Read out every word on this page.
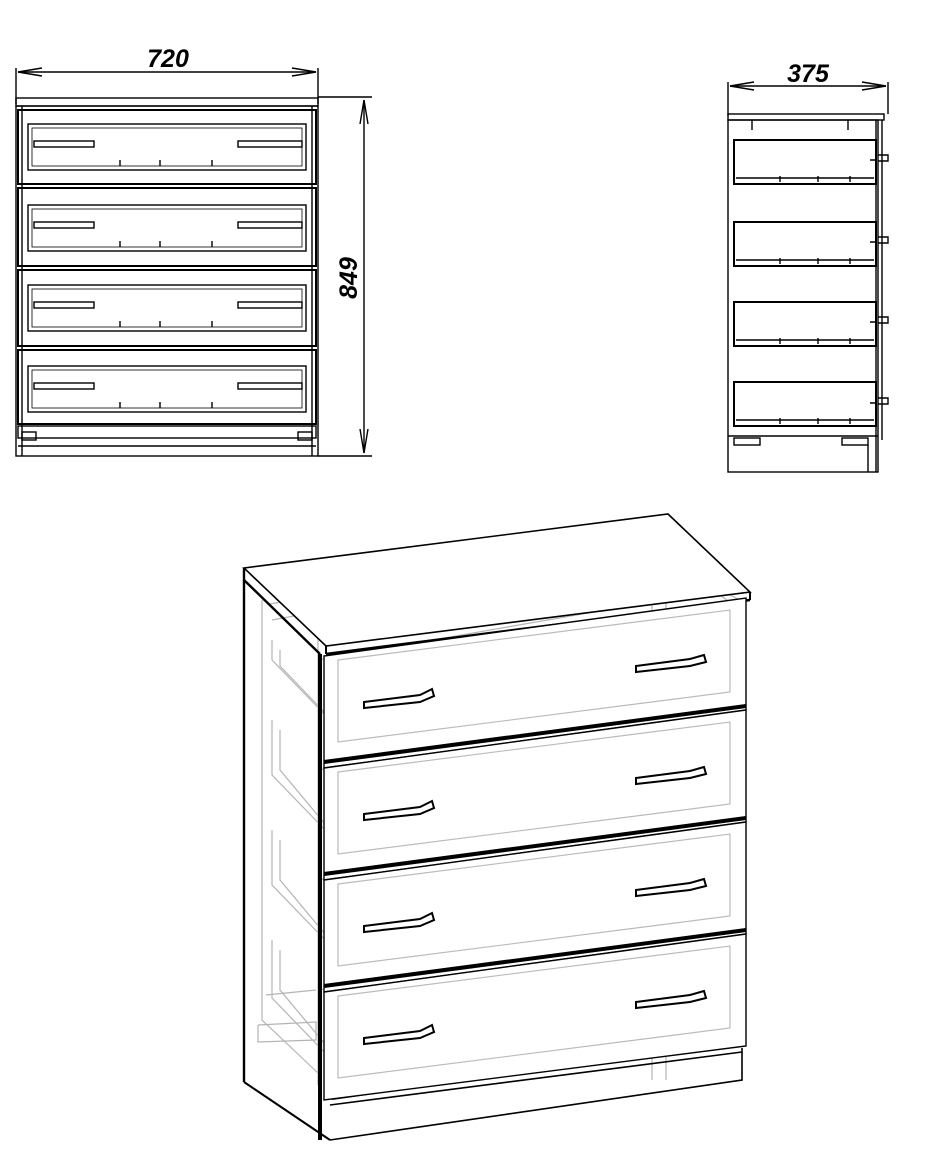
720
849
375
